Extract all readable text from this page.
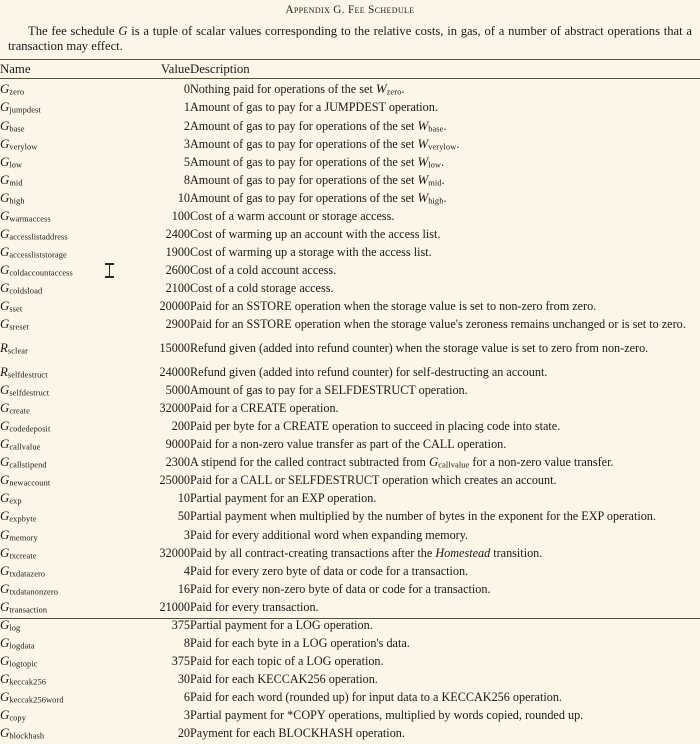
Appendix G. Fee Schedule

The fee schedule G is a tuple of scalar values corresponding to the relative costs, in gas, of a number of abstract operations that a transaction may effect.

Name	Value	Description
Gzero	0	Nothing paid for operations of the set Wzero.
Gjumpdest	1	Amount of gas to pay for a JUMPDEST operation.
Gbase	2	Amount of gas to pay for operations of the set Wbase.
Gverylow	3	Amount of gas to pay for operations of the set Wverylow.
Glow	5	Amount of gas to pay for operations of the set Wlow.
Gmid	8	Amount of gas to pay for operations of the set Wmid.
Ghigh	10	Amount of gas to pay for operations of the set Whigh.
Gwarmaccess	100	Cost of a warm account or storage access.
Gaccesslistaddress	2400	Cost of warming up an account with the access list.
Gaccessliststorage	1900	Cost of warming up a storage with the access list.
Gcoldaccountaccess	2600	Cost of a cold account access.
Gcoldsload	2100	Cost of a cold storage access.
Gsset	20000	Paid for an SSTORE operation when the storage value is set to non-zero from zero.
Gsreset	2900	Paid for an SSTORE operation when the storage value's zeroness remains unchanged or is set to zero.

Rsclear	15000	Refund given (added into refund counter) when the storage value is set to zero from non-zero.

Rselfdestruct	24000	Refund given (added into refund counter) for self-destructing an account.
Gselfdestruct	5000	Amount of gas to pay for a SELFDESTRUCT operation.
Gcreate	32000	Paid for a CREATE operation.
Gcodedeposit	200	Paid per byte for a CREATE operation to succeed in placing code into state.
Gcallvalue	9000	Paid for a non-zero value transfer as part of the CALL operation.
Gcallstipend	2300	A stipend for the called contract subtracted from Gcallvalue for a non-zero value transfer.
Gnewaccount	25000	Paid for a CALL or SELFDESTRUCT operation which creates an account.
Gexp	10	Partial payment for an EXP operation.
Gexpbyte	50	Partial payment when multiplied by the number of bytes in the exponent for the EXP operation.
Gmemory	3	Paid for every additional word when expanding memory.
Gtxcreate	32000	Paid by all contract-creating transactions after the Homestead transition.
Gtxdatazero	4	Paid for every zero byte of data or code for a transaction.
Gtxdatanonzero	16	Paid for every non-zero byte of data or code for a transaction.
Gtransaction	21000	Paid for every transaction.
Glog	375	Partial payment for a LOG operation.
Glogdata	8	Paid for each byte in a LOG operation's data.
Glogtopic	375	Paid for each topic of a LOG operation.
Gkeccak256	30	Paid for each KECCAK256 operation.
Gkeccak256word	6	Paid for each word (rounded up) for input data to a KECCAK256 operation.
Gcopy	3	Partial payment for *COPY operations, multiplied by words copied, rounded up.
Gblockhash	20	Payment for each BLOCKHASH operation.
